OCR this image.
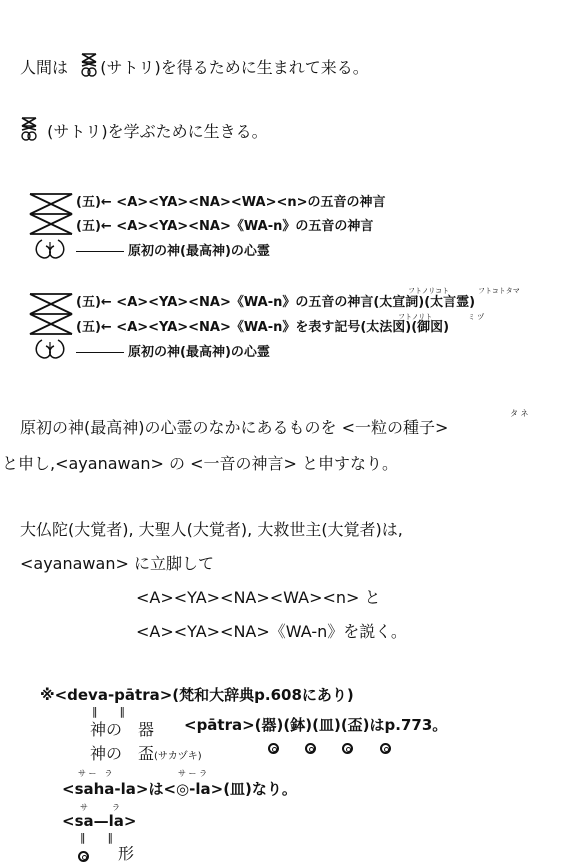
人間は (サトリ)を得るために生まれて来る。
(サトリ)を学ぶために生きる。
(五)← <A><YA><NA><WA><n>の五音の神言
(五)← <A><YA><NA>《WA-n》の五音の神言
原初の神(最高神)の心霊
フトノリコト	フトコトタマ
(五)← <A><YA><NA>《WA-n》の五音の神言(太宣詞)(太言霊)
フトノリト	ミ ヅ
(五)← <A><YA><NA>《WA-n》を表す記号(太法図)(御図)
原初の神(最高神)の心霊
タ ネ
原初の神(最高神)の心霊のなかにあるものを <一粒の種子>
と申し,<ayanawan> の <一音の神言> と申すなり。
大仏陀(大覚者), 大聖人(大覚者), 大救世主(大覚者)は,
<ayanawan> に立脚して
<A><YA><NA><WA><n> と
<A><YA><NA>《WA-n》を説く。
※<deva-pātra>(梵和大辞典p.608にあり)
‖　　‖
神の 器 <pātra>(器)(鉢)(皿)(盃)はp.773。
神の 盃(サカヅキ)

サ ー　ラ	サ ー ラ
<saha-la>は<◎-la>(皿)なり。
サ　　　ラ
<sa—la>
‖　　‖
形
